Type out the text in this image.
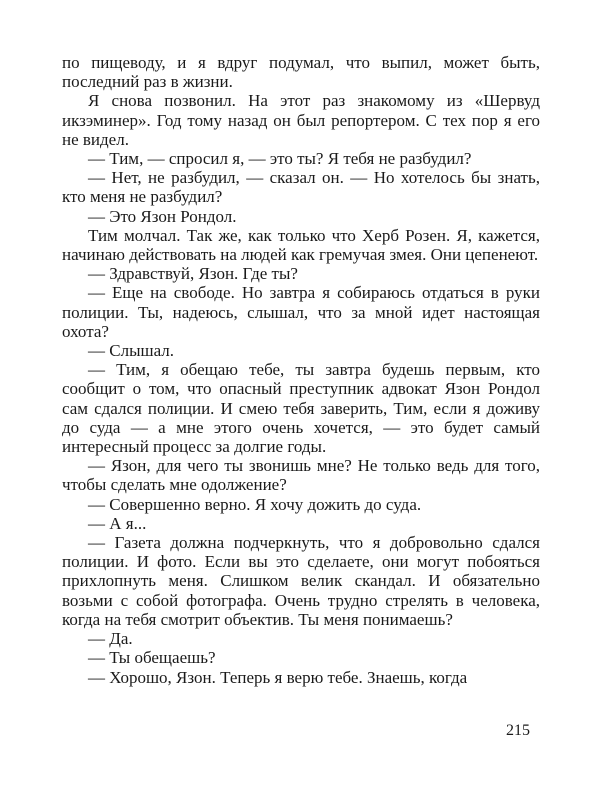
по пищеводу, и я вдруг подумал, что выпил, может быть, последний раз в жизни.

Я снова позвонил. На этот раз знакомому из «Шервуд икзэминер». Год тому назад он был репортером. С тех пор я его не видел.

— Тим, — спросил я, — это ты? Я тебя не разбудил?

— Нет, не разбудил, — сказал он. — Но хотелось бы знать, кто меня не разбудил?

— Это Язон Рондол.

Тим молчал. Так же, как только что Херб Розен. Я, кажется, начинаю действовать на людей как гремучая змея. Они цепенеют.

— Здравствуй, Язон. Где ты?

— Еще на свободе. Но завтра я собираюсь отдаться в руки полиции. Ты, надеюсь, слышал, что за мной идет настоящая охота?

— Слышал.

— Тим, я обещаю тебе, ты завтра будешь первым, кто сообщит о том, что опасный преступник адвокат Язон Рондол сам сдался полиции. И смею тебя заверить, Тим, если я доживу до суда — а мне этого очень хочется, — это будет самый интересный процесс за долгие годы.

— Язон, для чего ты звонишь мне? Не только ведь для того, чтобы сделать мне одолжение?

— Совершенно верно. Я хочу дожить до суда.

— А я...

— Газета должна подчеркнуть, что я добровольно сдался полиции. И фото. Если вы это сделаете, они могут побояться прихлопнуть меня. Слишком велик скандал. И обязательно возьми с собой фотографа. Очень трудно стрелять в человека, когда на тебя смотрит объектив. Ты меня понимаешь?

— Да.

— Ты обещаешь?

— Хорошо, Язон. Теперь я верю тебе. Знаешь, когда

215
